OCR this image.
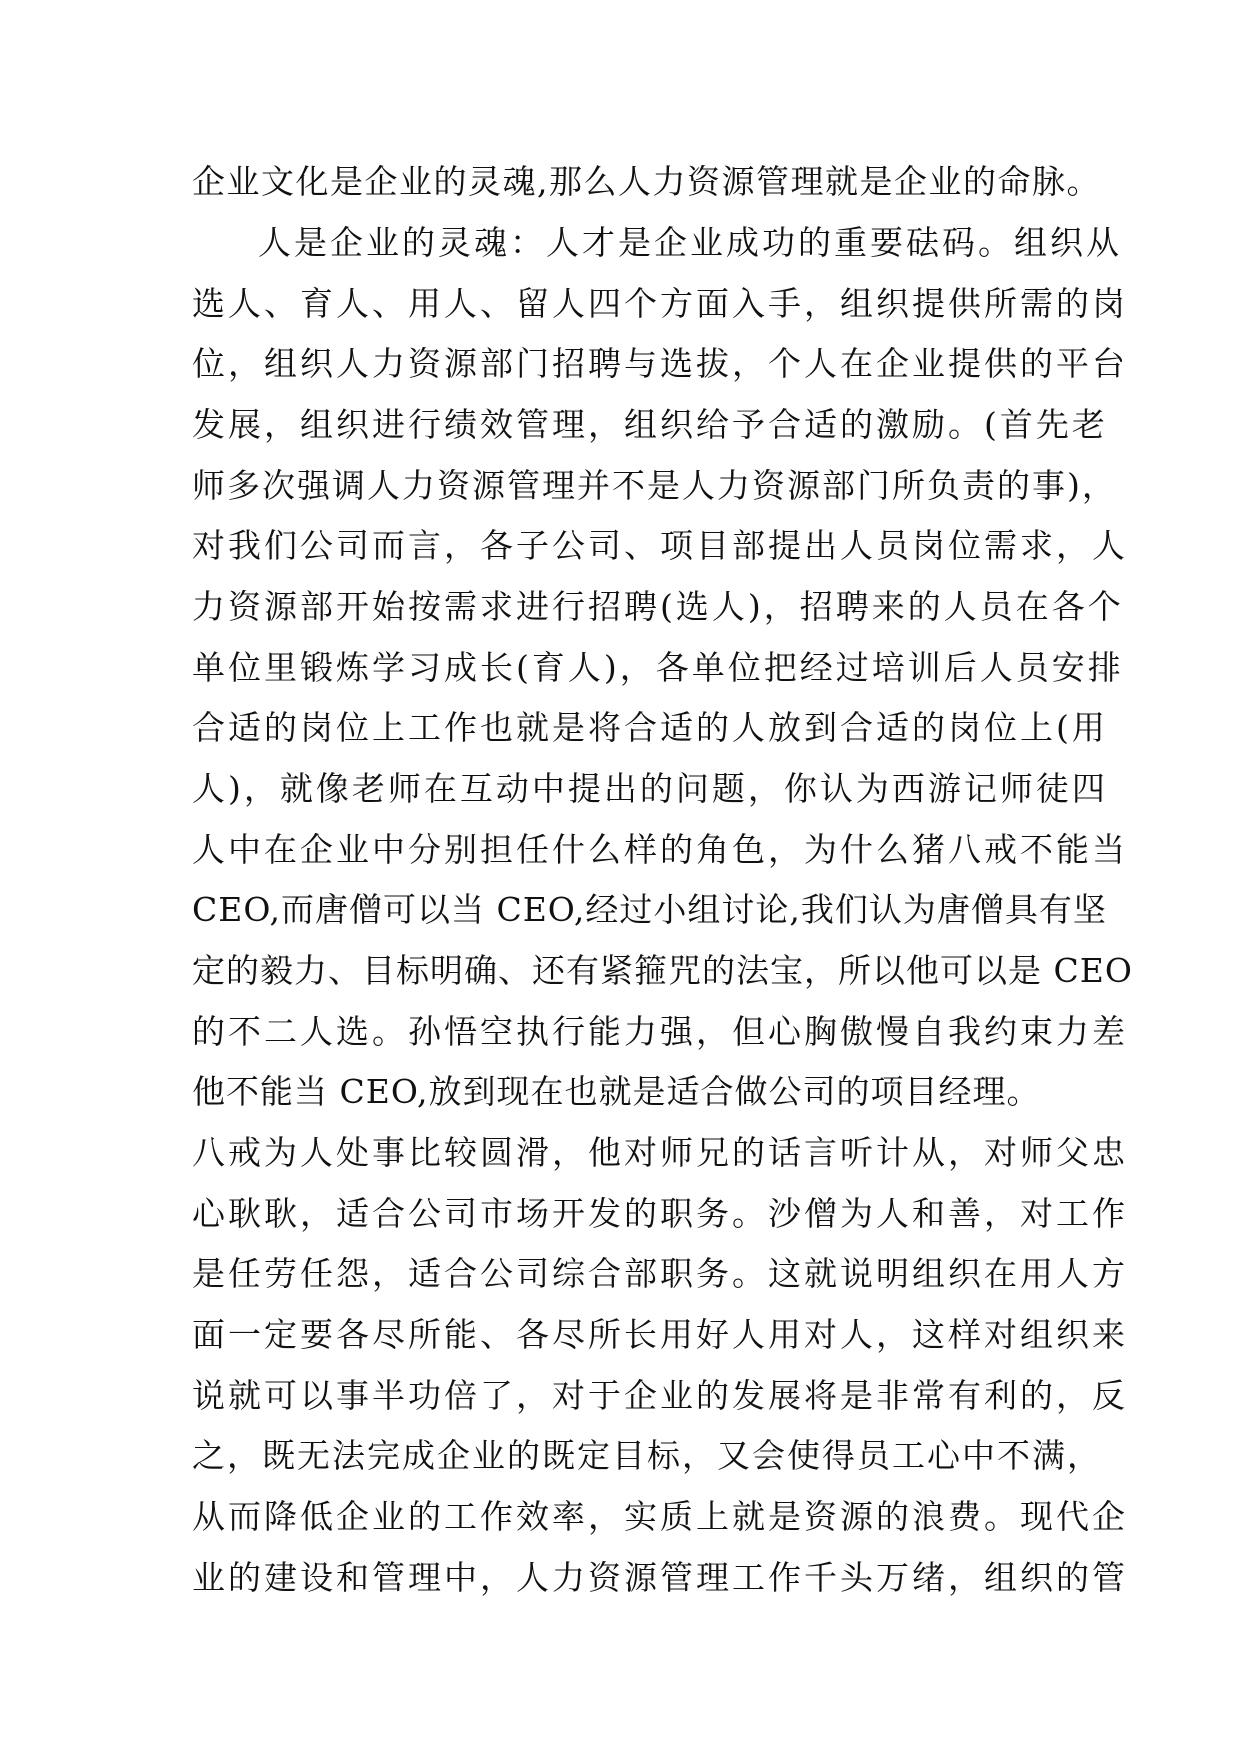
企业文化是企业的灵魂,那么人力资源管理就是企业的命脉。

人是企业的灵魂：人才是企业成功的重要砝码。组织从

选人、育人、用人、留人四个方面入手，组织提供所需的岗

位，组织人力资源部门招聘与选拔，个人在企业提供的平台

发展，组织进行绩效管理，组织给予合适的激励。(首先老

师多次强调人力资源管理并不是人力资源部门所负责的事)，

对我们公司而言，各子公司、项目部提出人员岗位需求，人

力资源部开始按需求进行招聘(选人)，招聘来的人员在各个

单位里锻炼学习成长(育人)，各单位把经过培训后人员安排

合适的岗位上工作也就是将合适的人放到合适的岗位上(用

人)，就像老师在互动中提出的问题，你认为西游记师徒四

人中在企业中分别担任什么样的角色，为什么猪八戒不能当

CEO,而唐僧可以当 CEO,经过小组讨论,我们认为唐僧具有坚

定的毅力、目标明确、还有紧箍咒的法宝，所以他可以是 CEO

的不二人选。孙悟空执行能力强，但心胸傲慢自我约束力差

他不能当 CEO,放到现在也就是适合做公司的项目经理。

八戒为人处事比较圆滑，他对师兄的话言听计从，对师父忠

心耿耿，适合公司市场开发的职务。沙僧为人和善，对工作

是任劳任怨，适合公司综合部职务。这就说明组织在用人方

面一定要各尽所能、各尽所长用好人用对人，这样对组织来

说就可以事半功倍了，对于企业的发展将是非常有利的，反

之，既无法完成企业的既定目标，又会使得员工心中不满，

从而降低企业的工作效率，实质上就是资源的浪费。现代企

业的建设和管理中，人力资源管理工作千头万绪，组织的管
